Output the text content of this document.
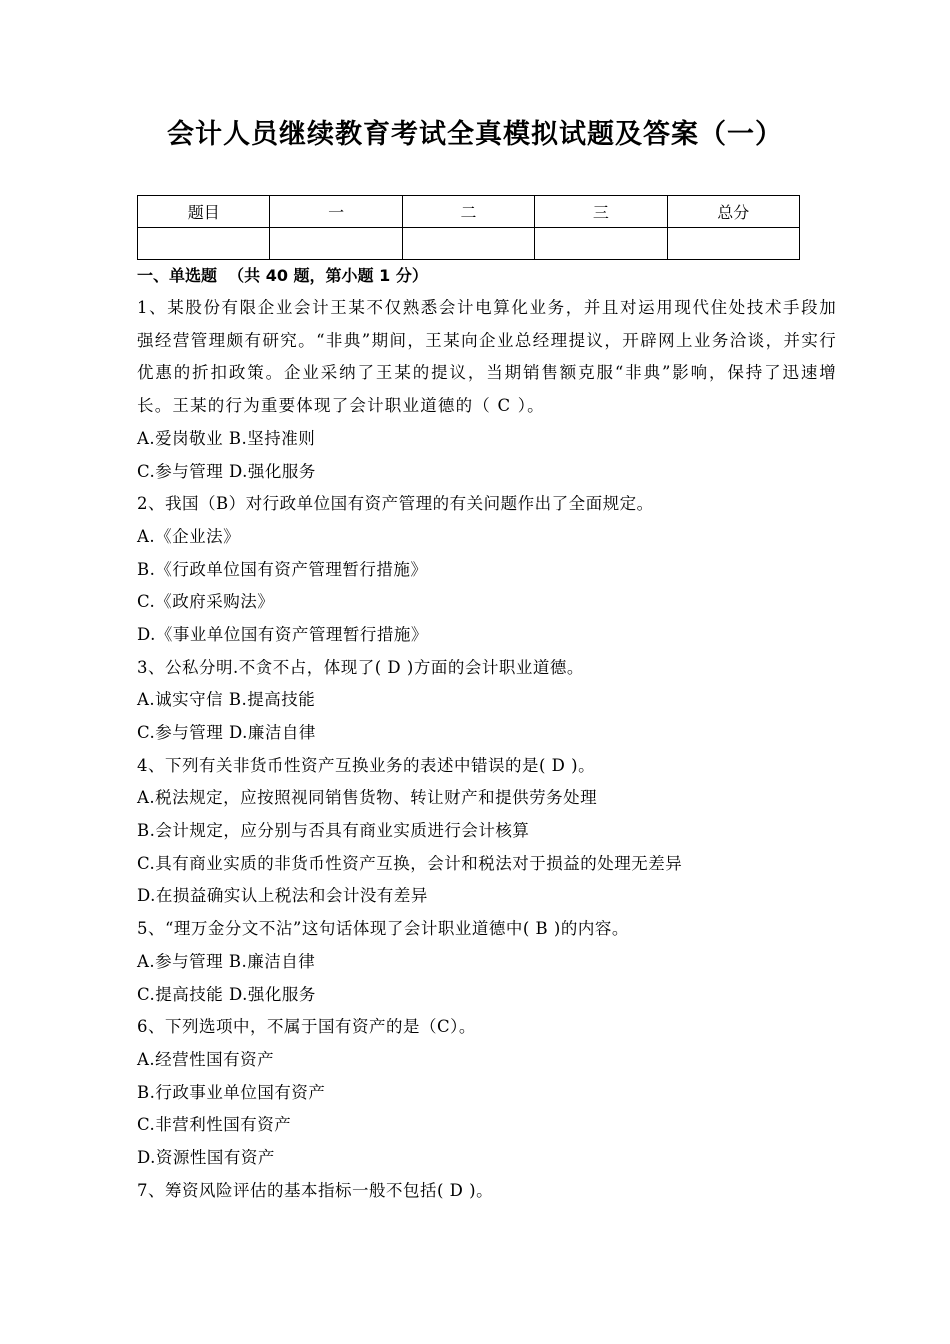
会计人员继续教育考试全真模拟试题及答案（一）
题目	一	二	三	总分

一、单选题  （共 40 题，第小题 1 分）
1、某股份有限企业会计王某不仅熟悉会计电算化业务，并且对运用现代住处技术手段加强经营管理颇有研究。“非典”期间，王某向企业总经理提议，开辟网上业务洽谈，并实行优惠的折扣政策。企业采纳了王某的提议，当期销售额克服“非典”影响，保持了迅速增长。王某的行为重要体现了会计职业道德的（ C ）。
A.爱岗敬业 B.坚持准则
C.参与管理 D.强化服务
2、我国（B）对行政单位国有资产管理的有关问题作出了全面规定。
A.《企业法》
B.《行政单位国有资产管理暂行措施》
C.《政府采购法》
D.《事业单位国有资产管理暂行措施》
3、公私分明.不贪不占，体现了( D )方面的会计职业道德。
A.诚实守信 B.提高技能
C.参与管理 D.廉洁自律
4、下列有关非货币性资产互换业务的表述中错误的是( D )。
A.税法规定，应按照视同销售货物、转让财产和提供劳务处理
B.会计规定，应分别与否具有商业实质进行会计核算
C.具有商业实质的非货币性资产互换，会计和税法对于损益的处理无差异
D.在损益确实认上税法和会计没有差异
5、“理万金分文不沾”这句话体现了会计职业道德中( B )的内容。
A.参与管理 B.廉洁自律
C.提高技能 D.强化服务
6、下列选项中，不属于国有资产的是（C）。
A.经营性国有资产
B.行政事业单位国有资产
C.非营利性国有资产
D.资源性国有资产
7、筹资风险评估的基本指标一般不包括( D )。
